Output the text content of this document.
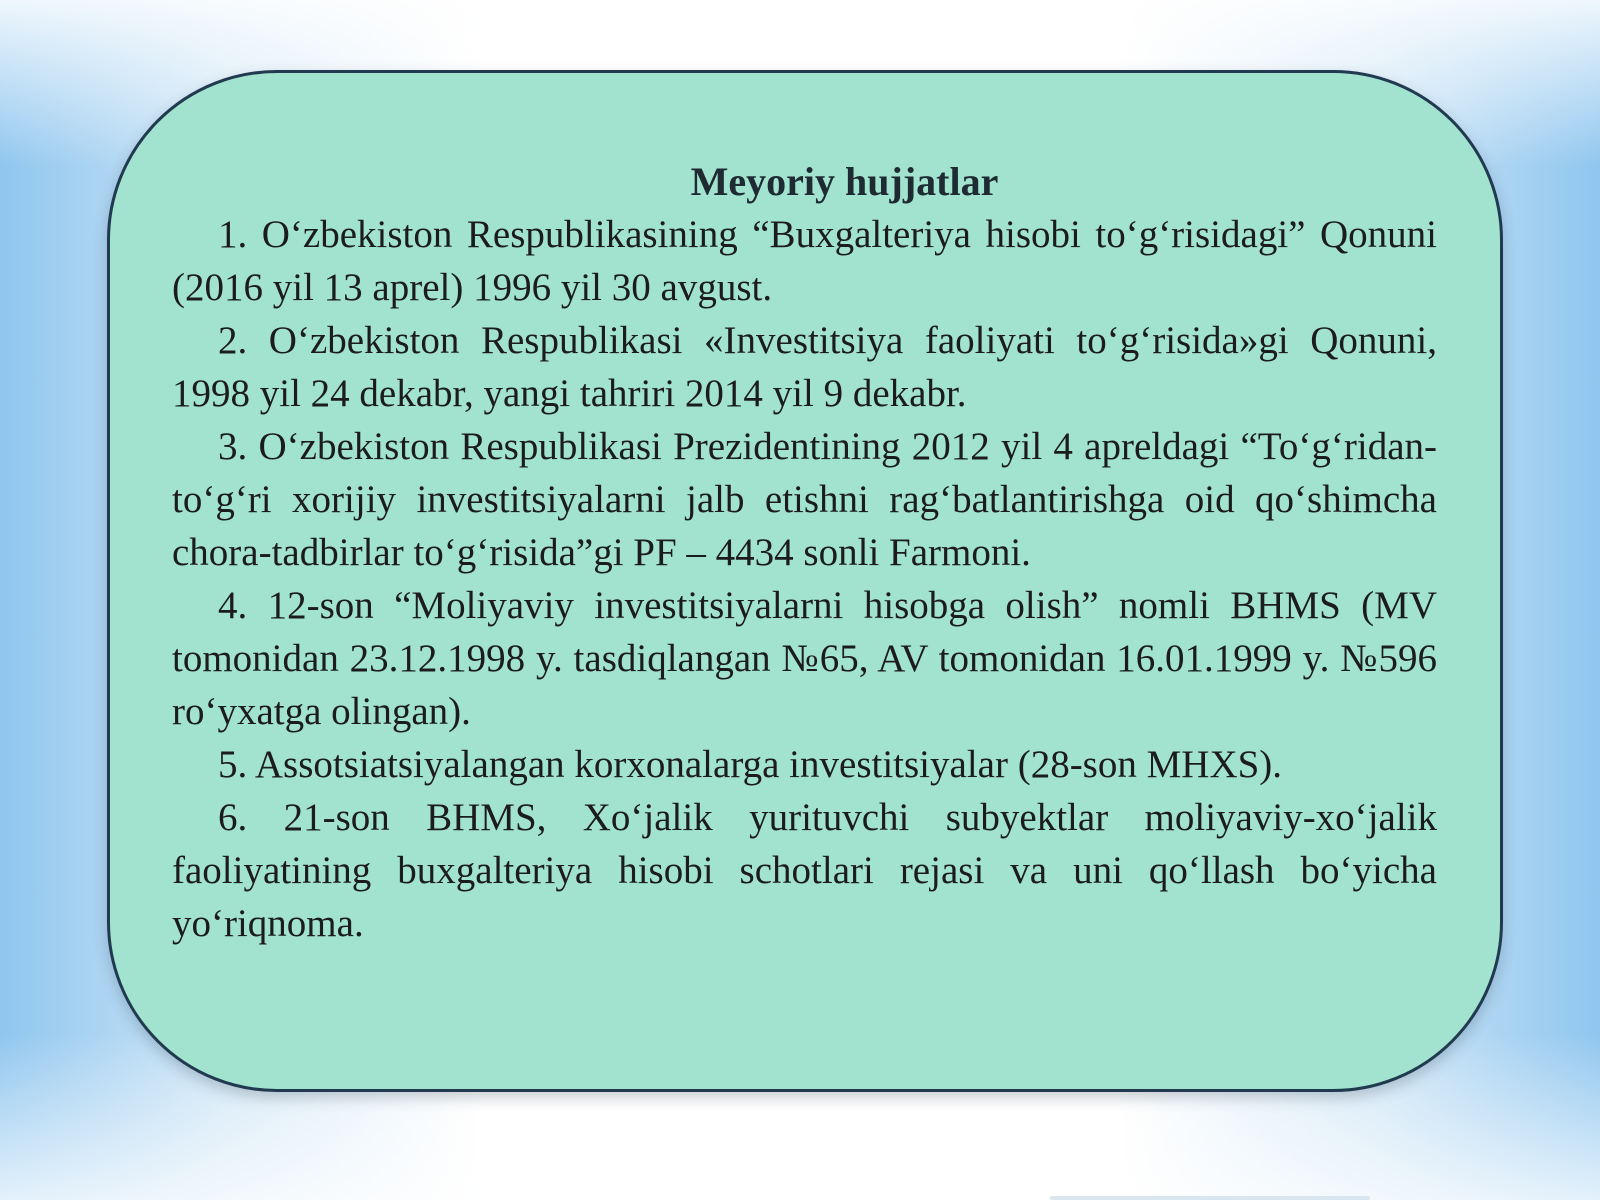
Meyoriy hujjatlar

1. O‘zbekiston Respublikasining “Buxgalteriya hisobi to‘g‘risidagi” Qonuni (2016 yil 13 aprel) 1996 yil 30 avgust.

2. O‘zbekiston Respublikasi «Investitsiya faoliyati to‘g‘risida»gi Qonuni, 1998 yil 24 dekabr, yangi tahriri 2014 yil 9 dekabr.

3. O‘zbekiston Respublikasi Prezidentining 2012 yil 4 apreldagi “To‘g‘ridan-to‘g‘ri xorijiy investitsiyalarni jalb etishni rag‘batlantirishga oid qo‘shimcha chora-tadbirlar to‘g‘risida”gi PF – 4434 sonli Farmoni.

4. 12-son “Moliyaviy investitsiyalarni hisobga olish” nomli BHMS (MV tomonidan 23.12.1998 y. tasdiqlangan №65, AV tomonidan 16.01.1999 y. №596 ro‘yxatga olingan).

5. Assotsiatsiyalangan korxonalarga investitsiyalar (28-son MHXS).

6. 21-son BHMS, Xo‘jalik yurituvchi subyektlar moliyaviy-xo‘jalik faoliyatining buxgalteriya hisobi schotlari rejasi va uni qo‘llash bo‘yicha yo‘riqnoma.
